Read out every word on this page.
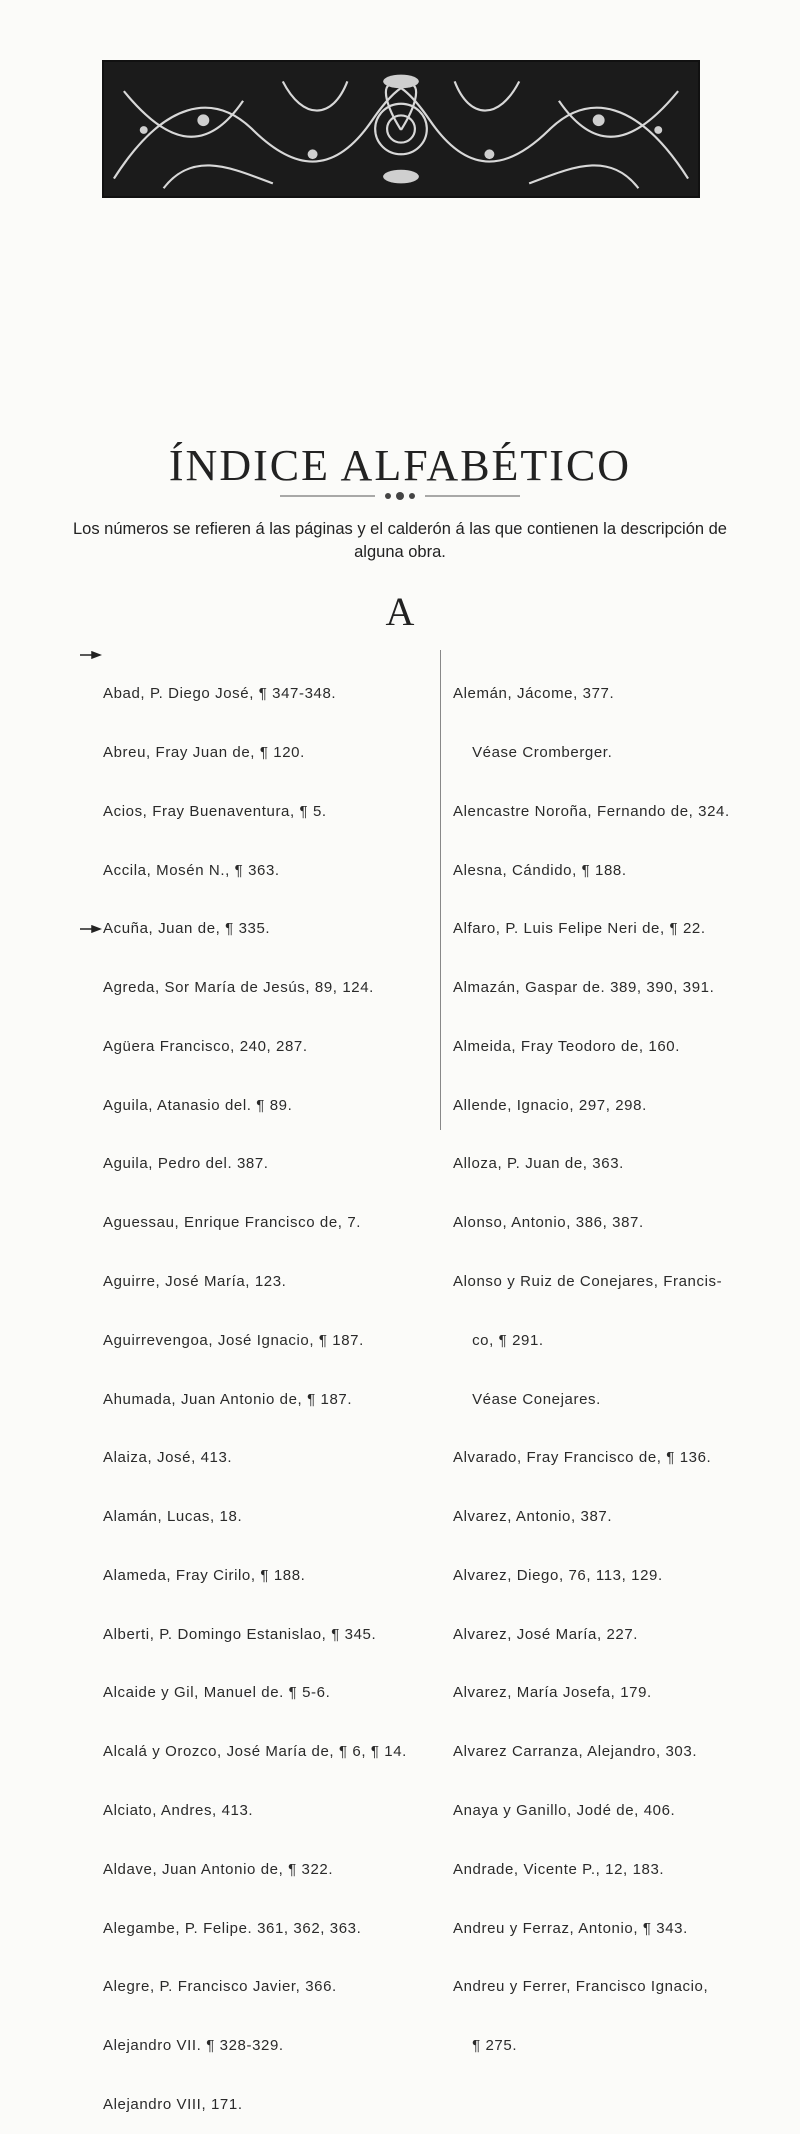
ÍNDICE ALFABÉTICO
Los números se refieren á las páginas y el calderón á las que contienen la descripción de alguna obra.
A

Abad, P. Diego José, ¶ 347-348.

Abreu, Fray Juan de, ¶ 120.

Acios, Fray Buenaventura, ¶ 5.

Accila, Mosén N., ¶ 363.

Acuña, Juan de, ¶ 335.

Agreda, Sor María de Jesús, 89, 124.

Agüera Francisco, 240, 287.

Aguila, Atanasio del. ¶ 89.

Aguila, Pedro del. 387.

Aguessau, Enrique Francisco de, 7.

Aguirre, José María, 123.

Aguirrevengoa, José Ignacio, ¶ 187.

Ahumada, Juan Antonio de, ¶ 187.

Alaiza, José, 413.

Alamán, Lucas, 18.

Alameda, Fray Cirilo, ¶ 188.

Alberti, P. Domingo Estanislao, ¶ 345.

Alcaide y Gil, Manuel de. ¶ 5-6.

Alcalá y Orozco, José María de, ¶ 6, ¶ 14.

Alciato, Andres, 413.

Aldave, Juan Antonio de, ¶ 322.

Alegambe, P. Felipe. 361, 362, 363.

Alegre, P. Francisco Javier, 366.

Alejandro VII. ¶ 328-329.

Alejandro VIII, 171.

Alemán, Jácome, 377.

Véase Cromberger.

Alencastre Noroña, Fernando de, 324.

Alesna, Cándido, ¶ 188.

Alfaro, P. Luis Felipe Neri de, ¶ 22.

Almazán, Gaspar de. 389, 390, 391.

Almeida, Fray Teodoro de, 160.

Allende, Ignacio, 297, 298.

Alloza, P. Juan de, 363.

Alonso, Antonio, 386, 387.

Alonso y Ruiz de Conejares, Francis-

co, ¶ 291.

Véase Conejares.

Alvarado, Fray Francisco de, ¶ 136.

Alvarez, Antonio, 387.

Alvarez, Diego, 76, 113, 129.

Alvarez, José María, 227.

Alvarez, María Josefa, 179.

Alvarez Carranza, Alejandro, 303.

Anaya y Ganillo, Jodé de, 406.

Andrade, Vicente P., 12, 183.

Andreu y Ferraz, Antonio, ¶ 343.

Andreu y Ferrer, Francisco Ignacio,

¶ 275.
